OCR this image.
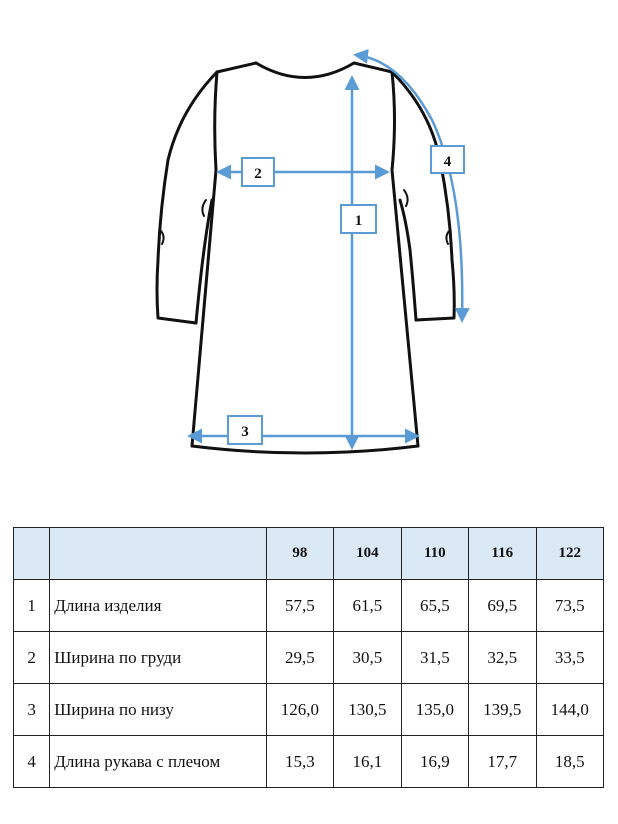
1
2
3
4
		98	104	110	116	122
1	Длина изделия	57,5	61,5	65,5	69,5	73,5
2	Ширина по груди	29,5	30,5	31,5	32,5	33,5
3	Ширина по низу	126,0	130,5	135,0	139,5	144,0
4	Длина рукава с плечом	15,3	16,1	16,9	17,7	18,5
